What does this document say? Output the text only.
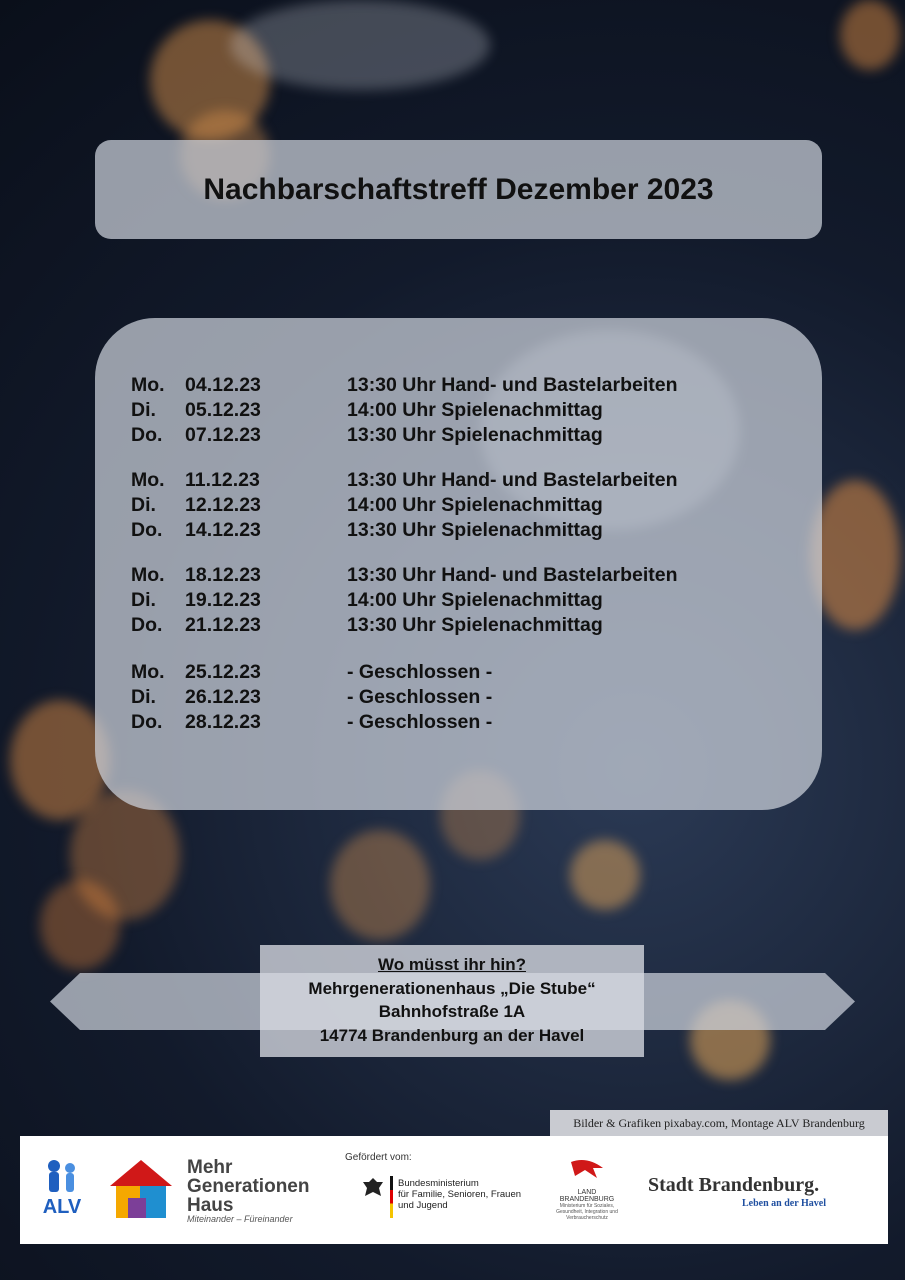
Nachbarschaftstreff Dezember 2023
Mo.	04.12.23	13:30 Uhr Hand- und Bastelarbeiten
Di.	05.12.23	14:00 Uhr Spielenachmittag
Do.	07.12.23	13:30 Uhr Spielenachmittag
Mo.	11.12.23	13:30 Uhr Hand- und Bastelarbeiten
Di.	12.12.23	14:00 Uhr Spielenachmittag
Do.	14.12.23	13:30 Uhr Spielenachmittag
Mo.	18.12.23	13:30 Uhr Hand- und Bastelarbeiten
Di.	19.12.23	14:00 Uhr Spielenachmittag
Do.	21.12.23	13:30 Uhr Spielenachmittag
Mo.	25.12.23	- Geschlossen -
Di.	26.12.23	- Geschlossen -
Do.	28.12.23	- Geschlossen -
Wo müsst ihr hin?
Mehrgenerationenhaus „Die Stube“
Bahnhofstraße 1A
14774 Brandenburg an der Havel
Bilder & Grafiken pixabay.com, Montage ALV Brandenburg
ALV
Mehr
Generationen
Haus
Miteinander – Füreinander
Gefördert vom:
Bundesministerium
für Familie, Senioren, Frauen
und Jugend
LAND
BRANDENBURG
Ministerium für Soziales, Gesundheit, Integration und Verbraucherschutz
Stadt Brandenburg.
Leben an der Havel
